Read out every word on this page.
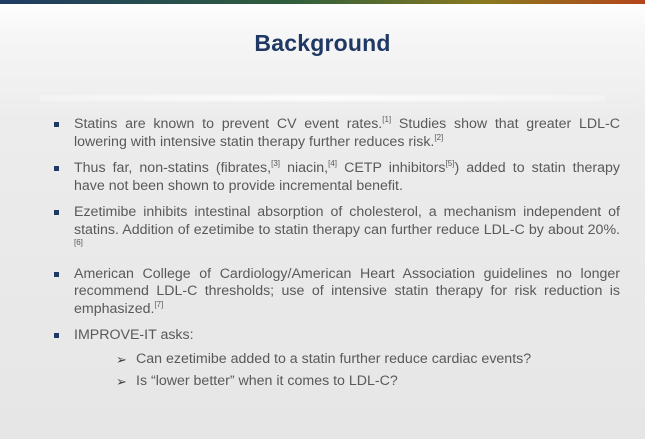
Background
Statins are known to prevent CV event rates.[1] Studies show that greater LDL-C lowering with intensive statin therapy further reduces risk.[2]
Thus far, non-statins (fibrates,[3] niacin,[4] CETP inhibitors[5]) added to statin therapy have not been shown to provide incremental benefit.
Ezetimibe inhibits intestinal absorption of cholesterol, a mechanism independent of statins. Addition of ezetimibe to statin therapy can further reduce LDL-C by about 20%.[6]
American College of Cardiology/American Heart Association guidelines no longer recommend LDL-C thresholds; use of intensive statin therapy for risk reduction is emphasized.[7]
IMPROVE-IT asks:
➢ Can ezetimibe added to a statin further reduce cardiac events?
➢ Is “lower better” when it comes to LDL-C?
